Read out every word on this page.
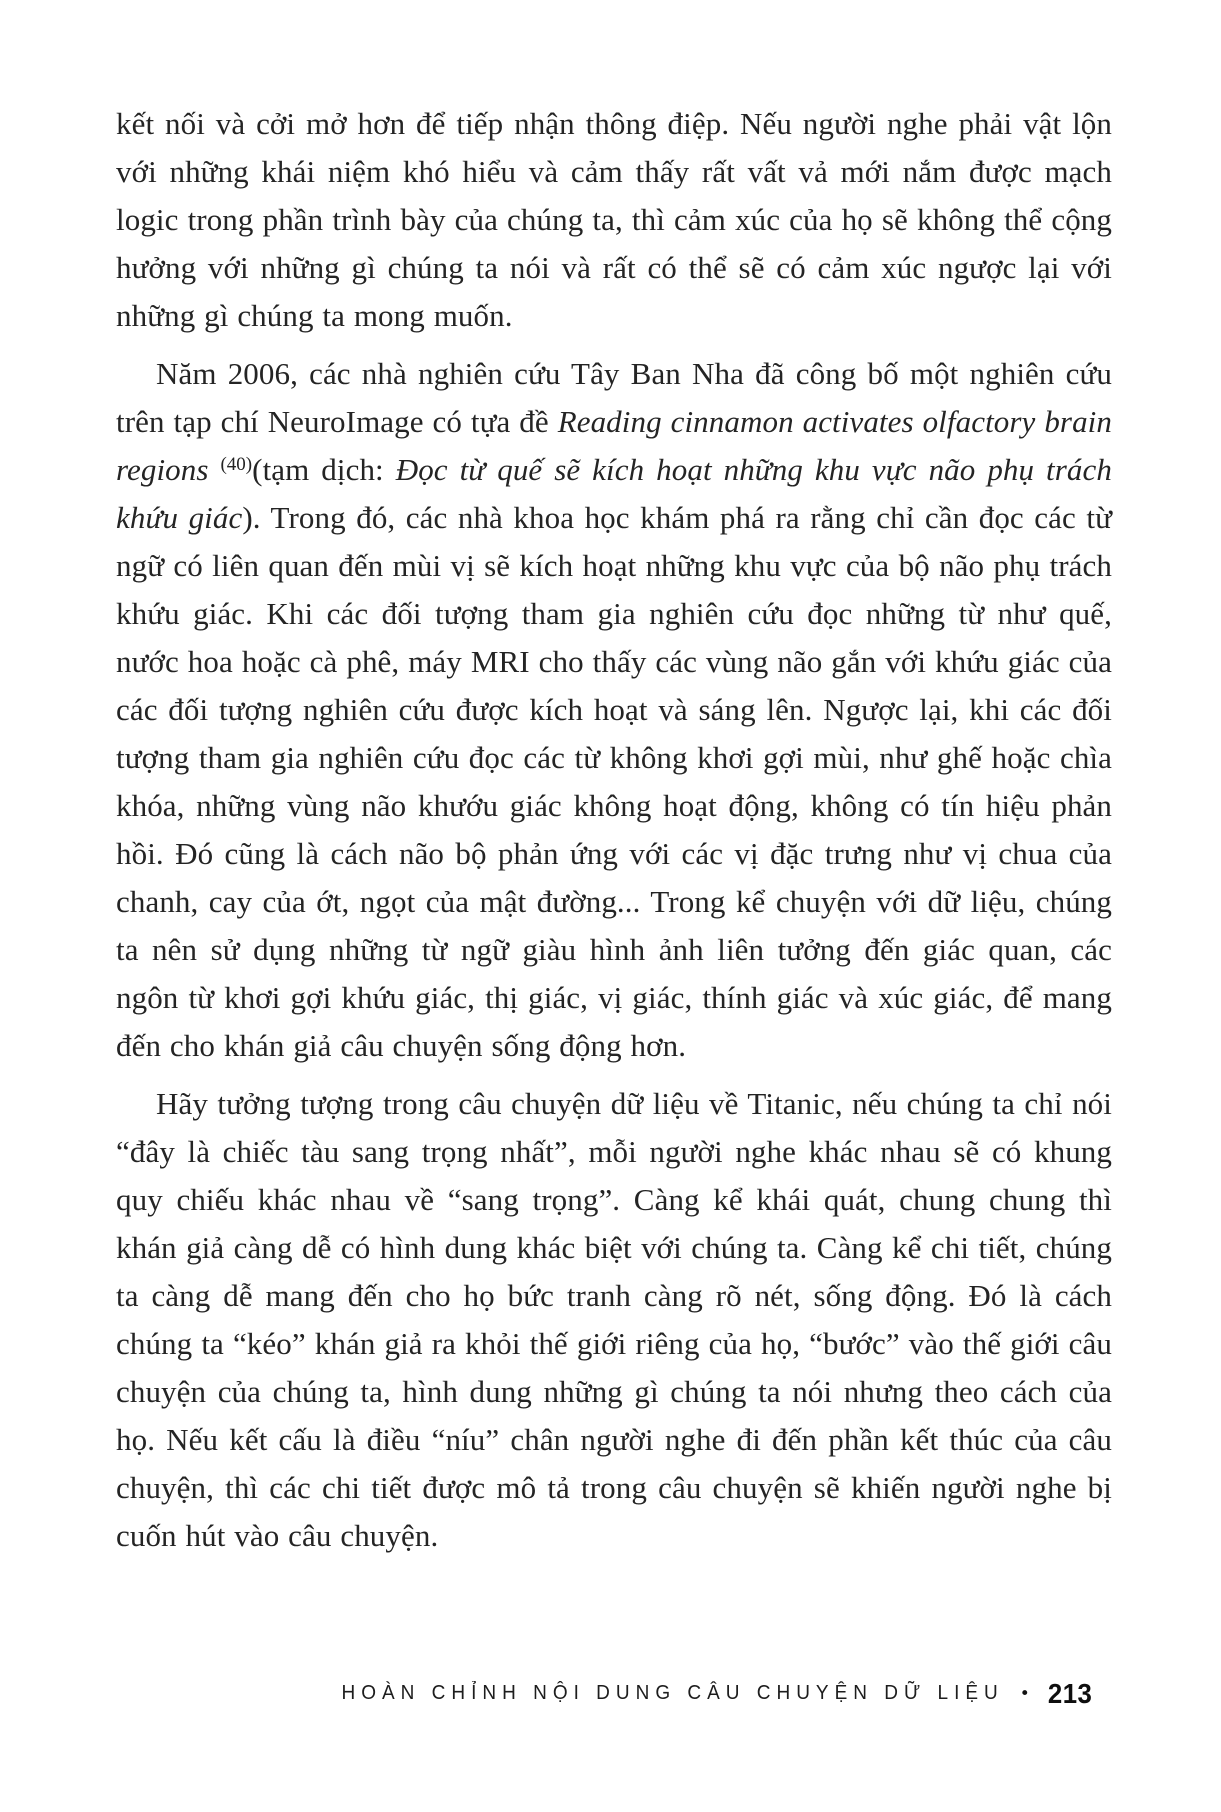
kết nối và cởi mở hơn để tiếp nhận thông điệp. Nếu người nghe phải vật lộn với những khái niệm khó hiểu và cảm thấy rất vất vả mới nắm được mạch logic trong phần trình bày của chúng ta, thì cảm xúc của họ sẽ không thể cộng hưởng với những gì chúng ta nói và rất có thể sẽ có cảm xúc ngược lại với những gì chúng ta mong muốn.

Năm 2006, các nhà nghiên cứu Tây Ban Nha đã công bố một nghiên cứu trên tạp chí NeuroImage có tựa đề Reading cinnamon activates olfactory brain regions $^{(40)}$(tạm dịch: Đọc từ quế sẽ kích hoạt những khu vực não phụ trách khứu giác). Trong đó, các nhà khoa học khám phá ra rằng chỉ cần đọc các từ ngữ có liên quan đến mùi vị sẽ kích hoạt những khu vực của bộ não phụ trách khứu giác. Khi các đối tượng tham gia nghiên cứu đọc những từ như quế, nước hoa hoặc cà phê, máy MRI cho thấy các vùng não gắn với khứu giác của các đối tượng nghiên cứu được kích hoạt và sáng lên. Ngược lại, khi các đối tượng tham gia nghiên cứu đọc các từ không khơi gợi mùi, như ghế hoặc chìa khóa, những vùng não khướu giác không hoạt động, không có tín hiệu phản hồi. Đó cũng là cách não bộ phản ứng với các vị đặc trưng như vị chua của chanh, cay của ớt, ngọt của mật đường... Trong kể chuyện với dữ liệu, chúng ta nên sử dụng những từ ngữ giàu hình ảnh liên tưởng đến giác quan, các ngôn từ khơi gợi khứu giác, thị giác, vị giác, thính giác và xúc giác, để mang đến cho khán giả câu chuyện sống động hơn.

Hãy tưởng tượng trong câu chuyện dữ liệu về Titanic, nếu chúng ta chỉ nói “đây là chiếc tàu sang trọng nhất”, mỗi người nghe khác nhau sẽ có khung quy chiếu khác nhau về “sang trọng”. Càng kể khái quát, chung chung thì khán giả càng dễ có hình dung khác biệt với chúng ta. Càng kể chi tiết, chúng ta càng dễ mang đến cho họ bức tranh càng rõ nét, sống động. Đó là cách chúng ta “kéo” khán giả ra khỏi thế giới riêng của họ, “bước” vào thế giới câu chuyện của chúng ta, hình dung những gì chúng ta nói nhưng theo cách của họ. Nếu kết cấu là điều “níu” chân người nghe đi đến phần kết thúc của câu chuyện, thì các chi tiết được mô tả trong câu chuyện sẽ khiến người nghe bị cuốn hút vào câu chuyện.

HOÀN CHỈNH NỘI DUNG CÂU CHUYỆN DỮ LIỆU • 213
